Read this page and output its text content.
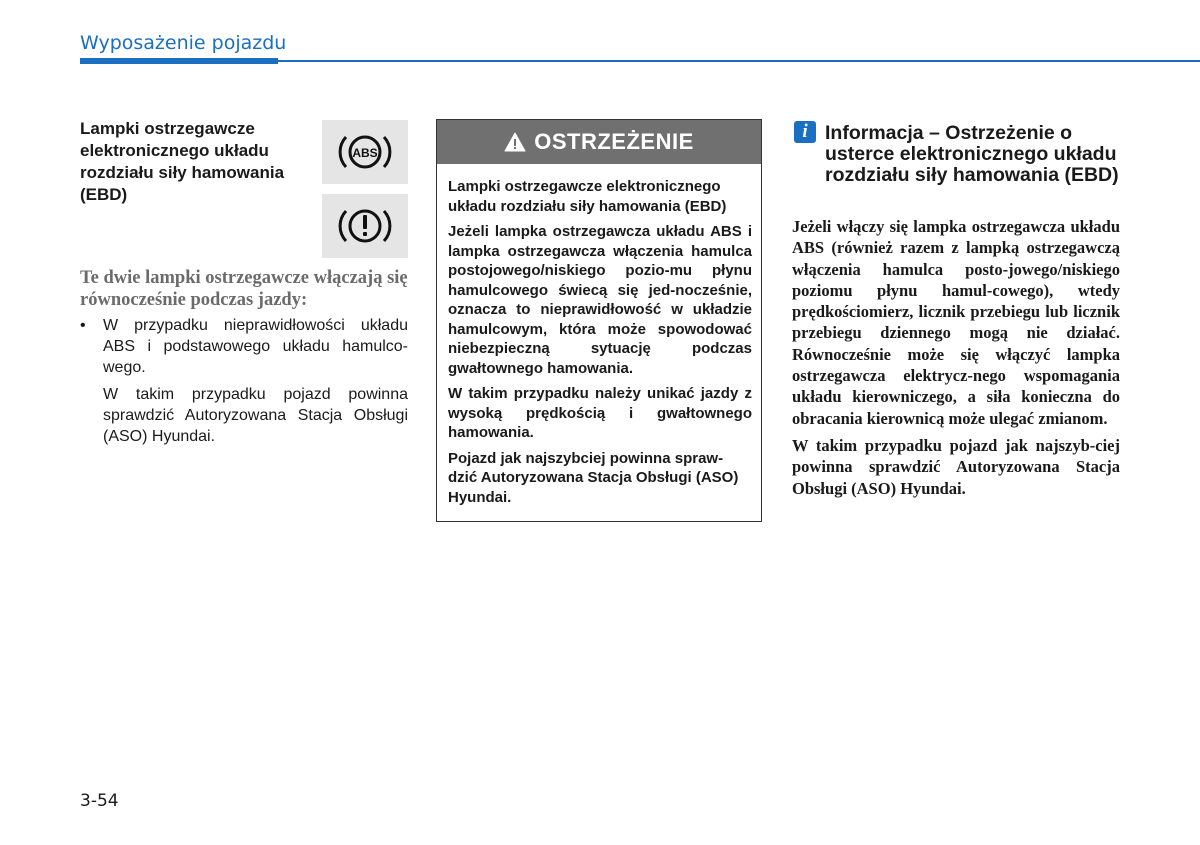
Wyposażenie pojazdu
Lampki ostrzegawcze elektronicznego układu rozdziału siły hamowania (EBD)
ABS
Te dwie lampki ostrzegawcze włączają się równocześnie podczas jazdy:
• W przypadku nieprawidłowości układu ABS i podstawowego układu hamulco-wego.
W takim przypadku pojazd powinna sprawdzić Autoryzowana Stacja Obsługi (ASO) Hyundai.
OSTRZEŻENIE

Lampki ostrzegawcze elektronicznego układu rozdziału siły hamowania (EBD)

Jeżeli lampka ostrzegawcza układu ABS i lampka ostrzegawcza włączenia hamulca postojowego/niskiego pozio-mu płynu hamulcowego świecą się jed-nocześnie, oznacza to nieprawidłowość w układzie hamulcowym, która może spowodować niebezpieczną sytuację podczas gwałtownego hamowania.

W takim przypadku należy unikać jazdy z wysoką prędkością i gwałtownego hamowania.

Pojazd jak najszybciej powinna spraw-dzić Autoryzowana Stacja Obsługi (ASO) Hyundai.

i Informacja – Ostrzeżenie o usterce elektronicznego układu rozdziału siły hamowania (EBD)

Jeżeli włączy się lampka ostrzegawcza układu ABS (również razem z lampką ostrzegawczą włączenia hamulca posto-jowego/niskiego poziomu płynu hamul-cowego), wtedy prędkościomierz, licznik przebiegu lub licznik przebiegu dziennego mogą nie działać. Równocześnie może się włączyć lampka ostrzegawcza elektrycz-nego wspomagania układu kierowniczego, a siła konieczna do obracania kierownicą może ulegać zmianom.

W takim przypadku pojazd jak najszyb-ciej powinna sprawdzić Autoryzowana Stacja Obsługi (ASO) Hyundai.

3-54
